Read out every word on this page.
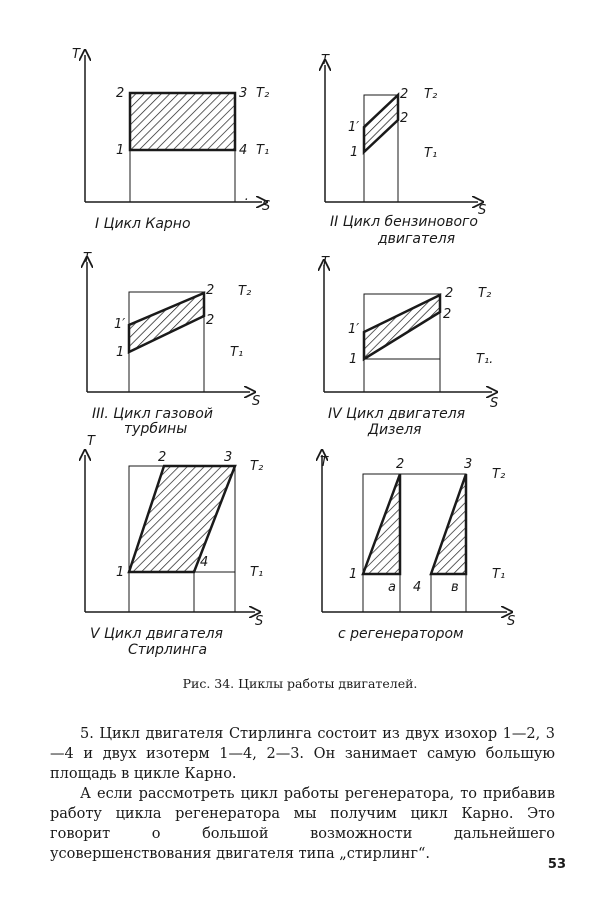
T
S
2	3
1	4
T₂
T₁
·
I Цикл Карно
T
S
2
2
1′
1
T₂
T₁
II Цикл бензинового
двигателя
T
S
2
2
1′
1
T₂
T₁
III. Цикл газовой
турбины
T
S
2
2
1′
1
T₂
T₁.
IV Цикл двигателя
Дизеля
T
S
2	3
1
4
T₂
T₁
V Цикл двигателя
Стирлинга
T
S
2	3
1
a 4 в
T₂
T₁
с регенератором
Рис. 34. Циклы работы двигателей.

5. Цикл двигателя Стирлинга состоит из двух изохор 1—2, 3—4 и двух изотерм 1—4, 2—3. Он занимает самую большую площадь в цикле Карно.

А если рассмотреть цикл работы регенератора, то прибавив работу цикла регенератора мы получим цикл Карно. Это говорит о большой возможности дальнейшего усовершенствования двигателя типа „стирлинг“.

53
